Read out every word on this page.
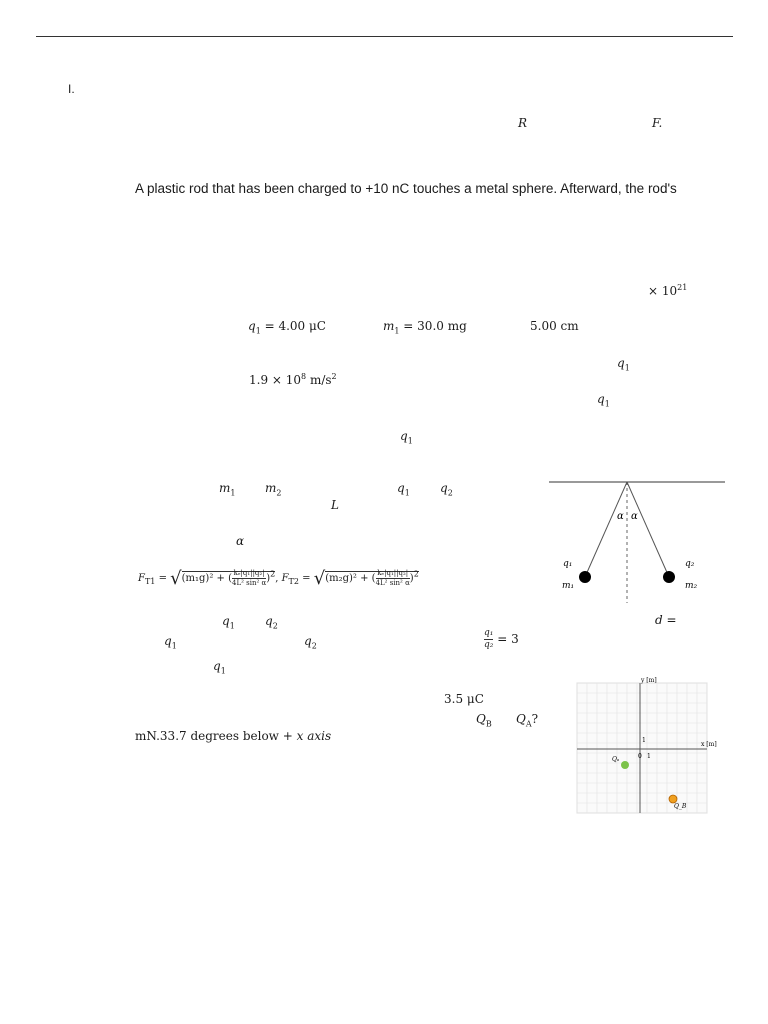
I.
R	F.
A plastic rod that has been charged to +10 nC touches a metal sphere. Afterward, the rod's
× $10^{21}$
$q_1 = 4.00$ μC	$m_1 = 30.0$ mg	5.00 cm
$q_1$
$1.9 \times 10^8$ $m/s^2$
$q_1$
$q_1$
$m_1$ $m_2$	$q_1$	$q_2$
L
α
$F_{T1} = √(m_1g)^2$ + ( $\frac{\text{kₑ|q₁||q₂|}}{\text{4L² sin² α}} )^2$, $F_{T2} = √(m_2g)^2$ + ( $\frac{\text{kₑ|q₁||q₂|}}{\text{4L² sin² α}} )^2$
$q_1$	$q_2$	d =
$q_1$	$q_2$	$\frac{\text{q₁}}{\text{q₂}} = 3$
$q_1$
3.5 μC
$Q_B$ $Q_A$?
mN.33.7 degrees below + x axis
α α
q₁
m₁
q₂
m₂
y [m]
x [m]
0 1
1
Qₐ
Q_B
